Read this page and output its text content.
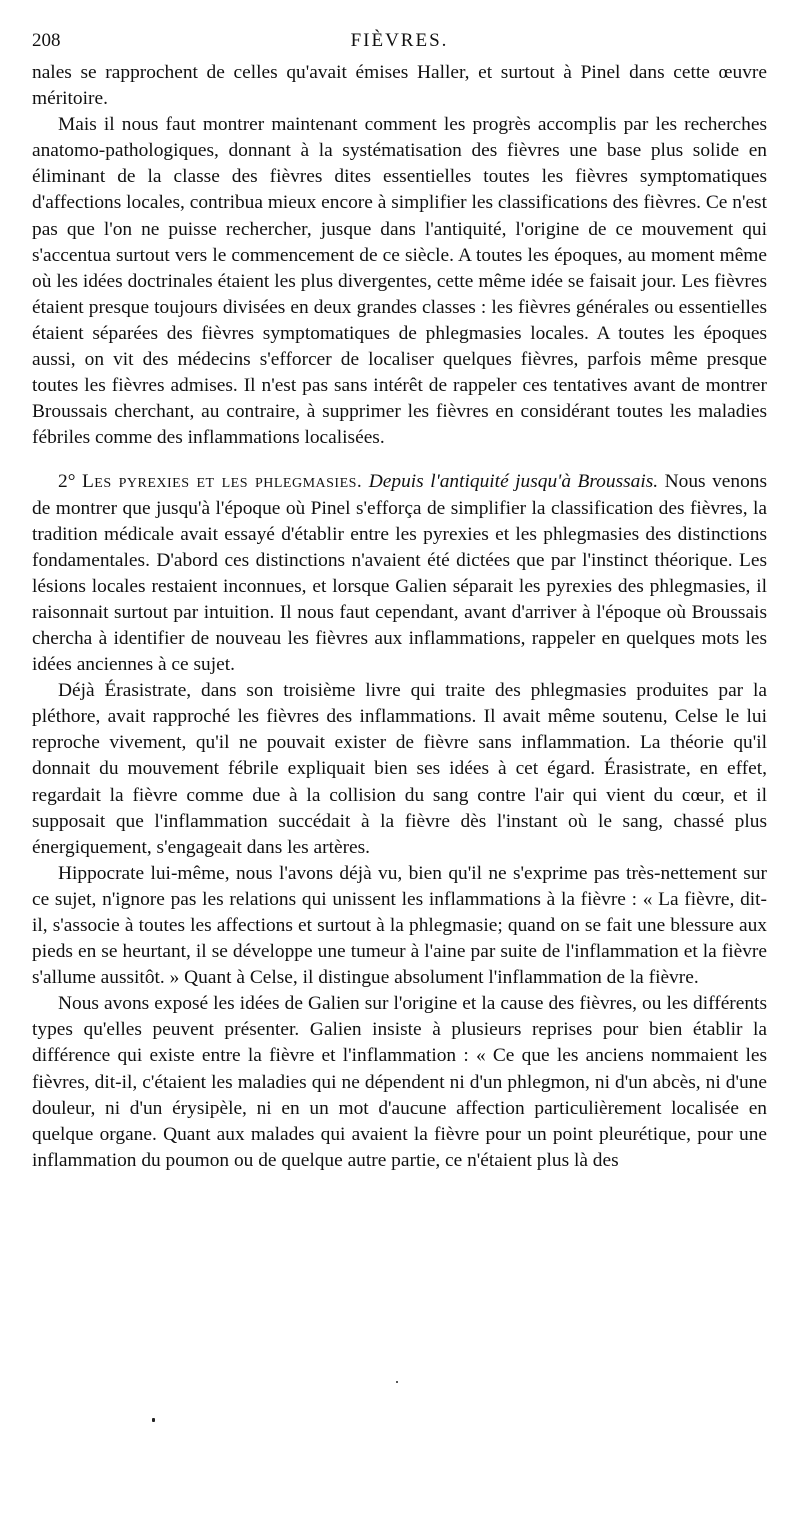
208	FIÈVRES.

nales se rapprochent de celles qu'avait émises Haller, et surtout à Pinel dans cette œuvre méritoire.

Mais il nous faut montrer maintenant comment les progrès accomplis par les recherches anatomo-pathologiques, donnant à la systématisation des fièvres une base plus solide en éliminant de la classe des fièvres dites essentielles toutes les fièvres symptomatiques d'affections locales, contribua mieux encore à simplifier les classifications des fièvres. Ce n'est pas que l'on ne puisse rechercher, jusque dans l'antiquité, l'origine de ce mouvement qui s'accentua surtout vers le commencement de ce siècle. A toutes les époques, au moment même où les idées doctrinales étaient les plus divergentes, cette même idée se faisait jour. Les fièvres étaient presque toujours divisées en deux grandes classes : les fièvres générales ou essentielles étaient séparées des fièvres symptomatiques de phlegmasies locales. A toutes les époques aussi, on vit des médecins s'efforcer de localiser quelques fièvres, parfois même presque toutes les fièvres admises. Il n'est pas sans intérêt de rappeler ces tentatives avant de montrer Broussais cherchant, au contraire, à supprimer les fièvres en considérant toutes les maladies fébriles comme des inflammations localisées.

2° Les pyrexies et les phlegmasies. Depuis l'antiquité jusqu'à Broussais. Nous venons de montrer que jusqu'à l'époque où Pinel s'efforça de simplifier la classification des fièvres, la tradition médicale avait essayé d'établir entre les pyrexies et les phlegmasies des distinctions fondamentales. D'abord ces distinctions n'avaient été dictées que par l'instinct théorique. Les lésions locales restaient inconnues, et lorsque Galien séparait les pyrexies des phlegmasies, il raisonnait surtout par intuition. Il nous faut cependant, avant d'arriver à l'époque où Broussais chercha à identifier de nouveau les fièvres aux inflammations, rappeler en quelques mots les idées anciennes à ce sujet.

Déjà Érasistrate, dans son troisième livre qui traite des phlegmasies produites par la pléthore, avait rapproché les fièvres des inflammations. Il avait même soutenu, Celse le lui reproche vivement, qu'il ne pouvait exister de fièvre sans inflammation. La théorie qu'il donnait du mouvement fébrile expliquait bien ses idées à cet égard. Érasistrate, en effet, regardait la fièvre comme due à la collision du sang contre l'air qui vient du cœur, et il supposait que l'inflammation succédait à la fièvre dès l'instant où le sang, chassé plus énergiquement, s'engageait dans les artères.

Hippocrate lui-même, nous l'avons déjà vu, bien qu'il ne s'exprime pas très-nettement sur ce sujet, n'ignore pas les relations qui unissent les inflammations à la fièvre : « La fièvre, dit-il, s'associe à toutes les affections et surtout à la phlegmasie; quand on se fait une blessure aux pieds en se heurtant, il se développe une tumeur à l'aine par suite de l'inflammation et la fièvre s'allume aussitôt. » Quant à Celse, il distingue absolument l'inflammation de la fièvre.

Nous avons exposé les idées de Galien sur l'origine et la cause des fièvres, ou les différents types qu'elles peuvent présenter. Galien insiste à plusieurs reprises pour bien établir la différence qui existe entre la fièvre et l'inflammation : « Ce que les anciens nommaient les fièvres, dit-il, c'étaient les maladies qui ne dépendent ni d'un phlegmon, ni d'un abcès, ni d'une douleur, ni d'un érysipèle, ni en un mot d'aucune affection particulièrement localisée en quelque organe. Quant aux malades qui avaient la fièvre pour un point pleurétique, pour une inflammation du poumon ou de quelque autre partie, ce n'étaient plus là des
